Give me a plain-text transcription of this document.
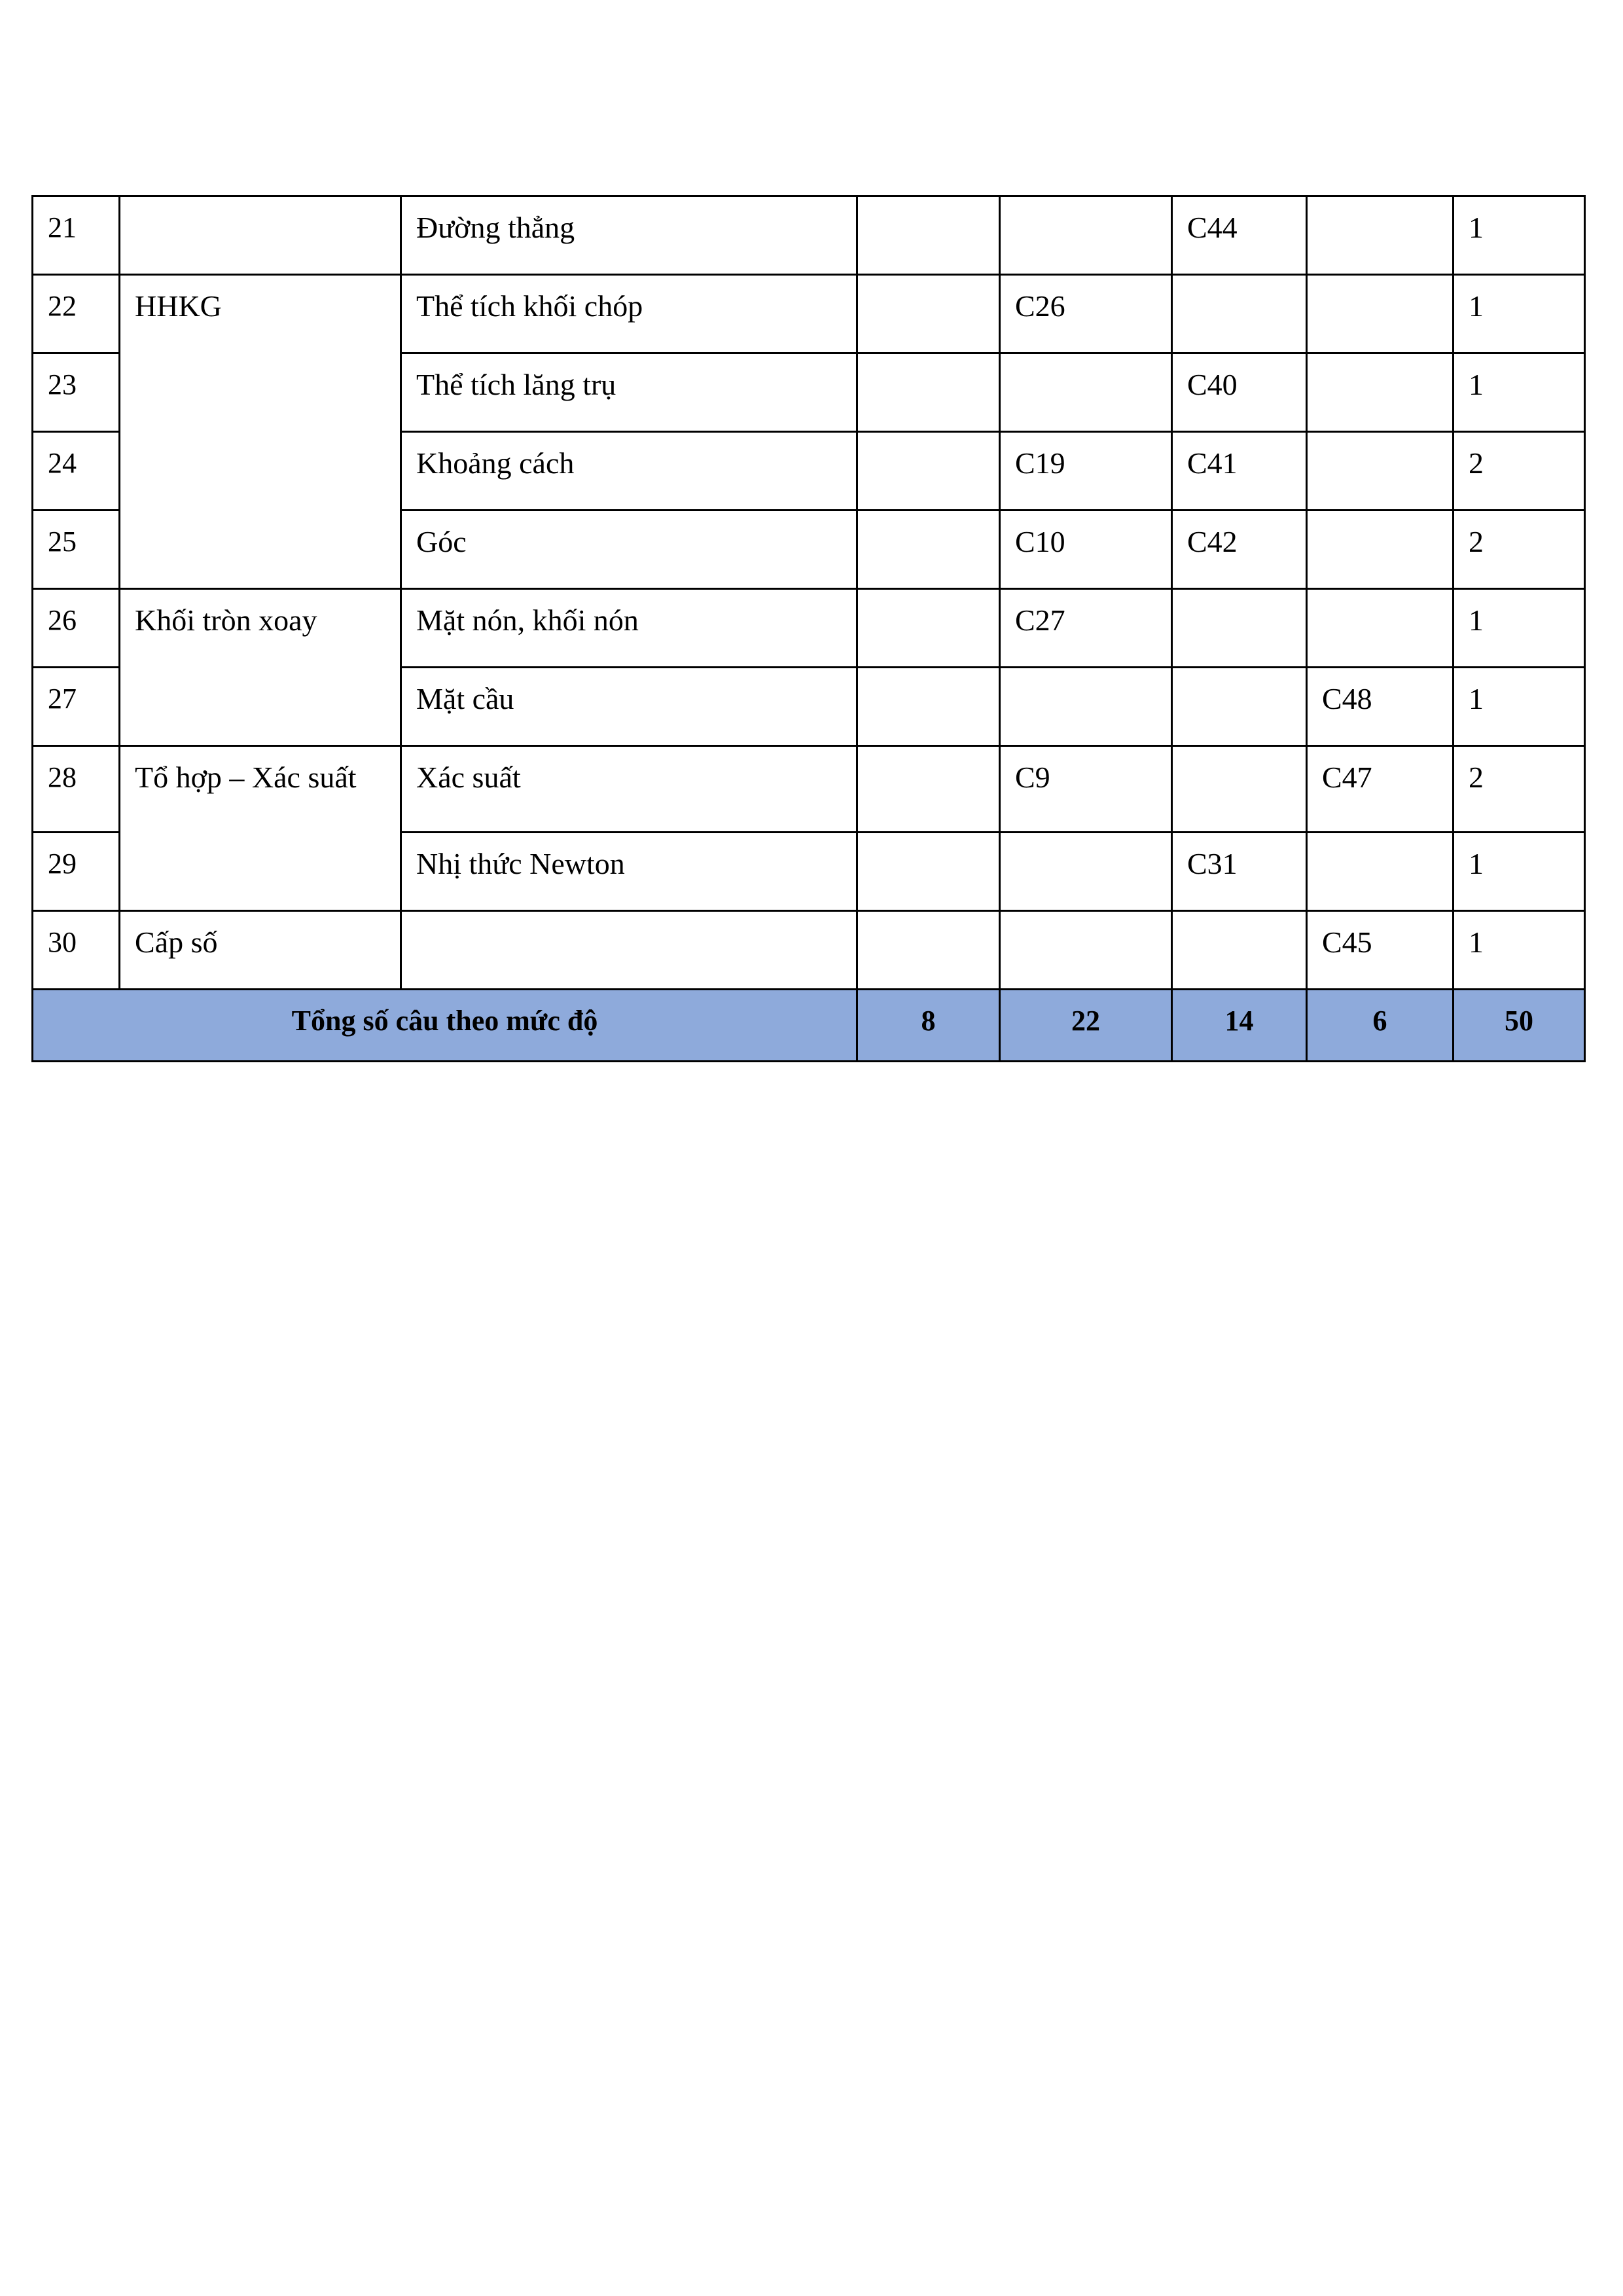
21		Đường thẳng			C44		1
22	HHKG	Thể tích khối chóp		C26			1
23		Thể tích lăng trụ			C40		1
24		Khoảng cách		C19	C41		2
25		Góc		C10	C42		2
26	Khối tròn xoay	Mặt nón, khối nón		C27			1
27		Mặt cầu				C48	1
28	Tổ hợp – Xác suất	Xác suất		C9		C47	2
29		Nhị thức Newton			C31		1
30	Cấp số					C45	1
Tổng số câu theo mức độ			8	22	14	6	50
